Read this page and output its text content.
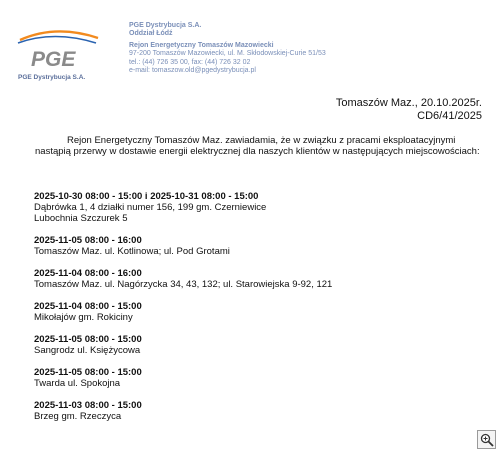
PGE
PGE Dystrybucja S.A.
PGE Dystrybucja S.A.
Oddział Łódź
Rejon Energetyczny Tomaszów Mazowiecki
97-200 Tomaszów Mazowiecki, ul. M. Skłodowskiej-Curie 51/53
tel.: (44) 726 35 00, fax: (44) 726 32 02
e-mail: tomaszow.old@pgedystrybucja.pl
Tomaszów Maz., 20.10.2025r.
CD6/41/2025
Rejon Energetyczny Tomaszów Maz. zawiadamia, że w związku z pracami eksploatacyjnymi nastąpią przerwy w dostawie energii elektrycznej dla naszych klientów w następujących miejscowościach:
2025-10-30 08:00 - 15:00 i 2025-10-31 08:00 - 15:00
Dąbrówka 1, 4 działki numer 156, 199 gm. Czerniewice
Lubochnia Szczurek 5
2025-11-05 08:00 - 16:00
Tomaszów Maz. ul. Kotlinowa; ul. Pod Grotami
2025-11-04 08:00 - 16:00
Tomaszów Maz. ul. Nagórzycka 34, 43, 132; ul. Starowiejska 9-92, 121
2025-11-04 08:00 - 15:00
Mikołajów gm. Rokiciny
2025-11-05 08:00 - 15:00
Sangrodz ul. Księżycowa
2025-11-05 08:00 - 15:00
Twarda ul. Spokojna
2025-11-03 08:00 - 15:00
Brzeg gm. Rzeczyca
